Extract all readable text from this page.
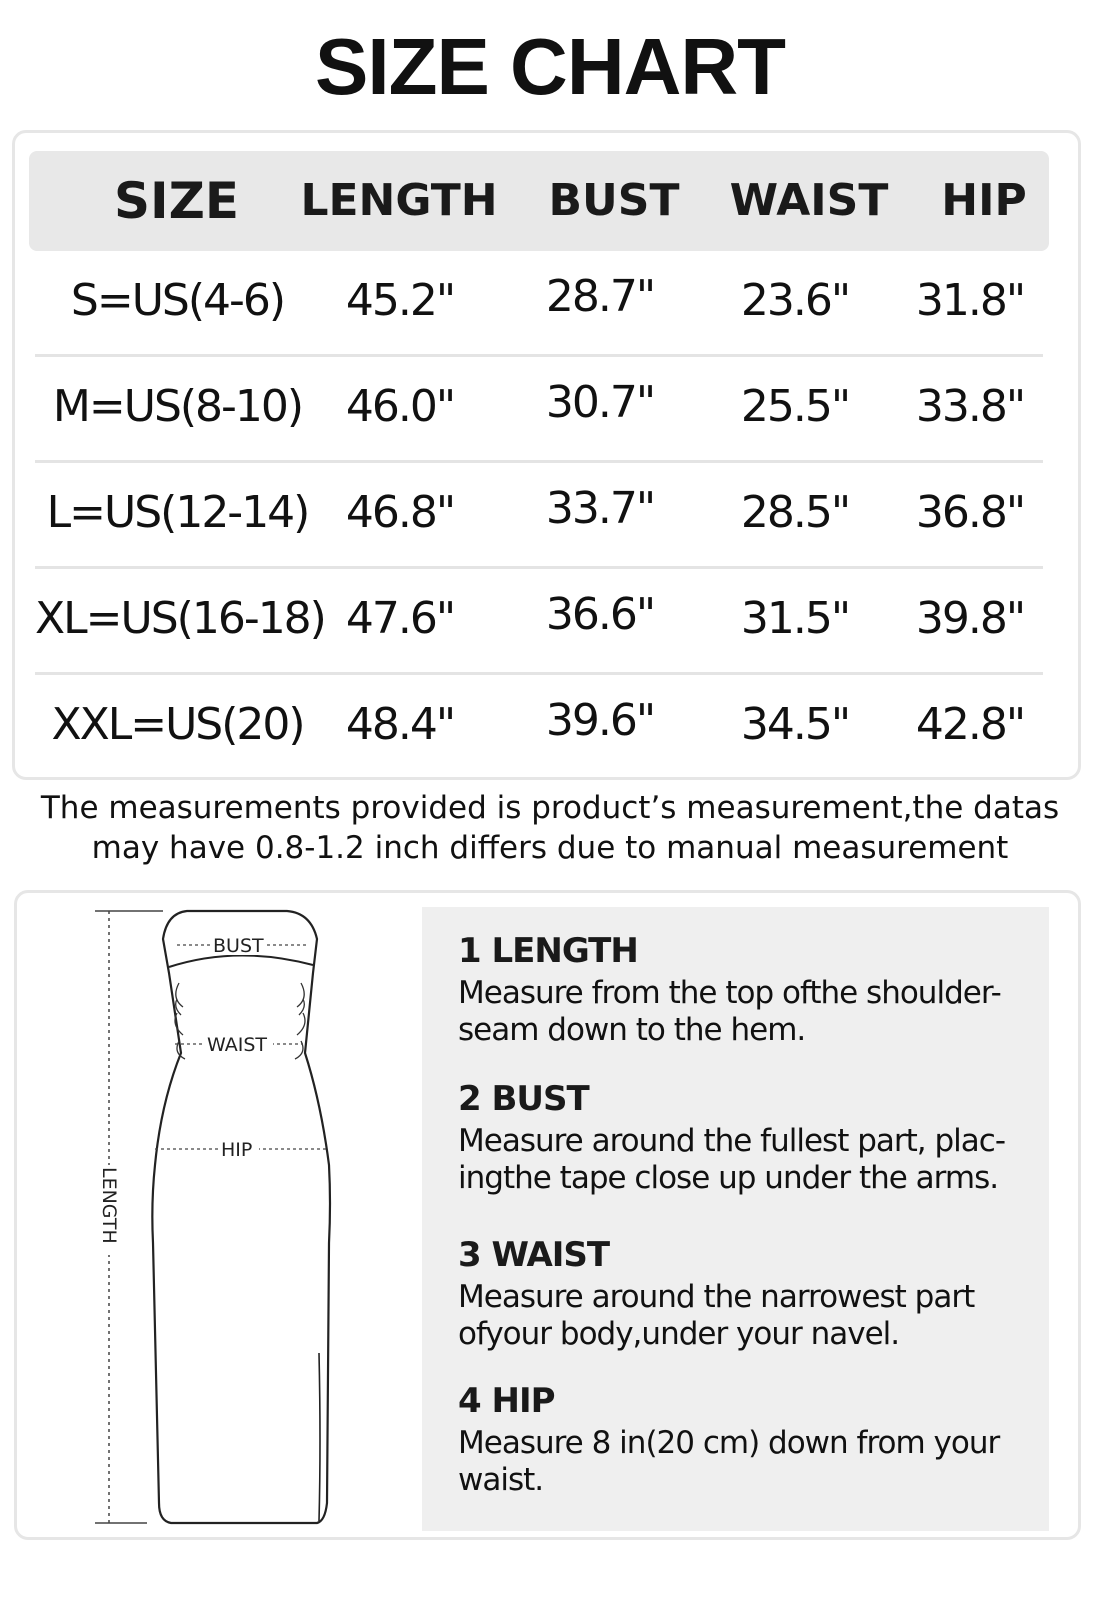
SIZE CHART
SIZE	LENGTH	BUST	WAIST	HIP
S=US(4-6)	45.2"	28.7"	23.6"	31.8"
M=US(8-10) 46.0"	30.7"	25.5"	33.8"
L=US(12-14) 46.8"	33.7"	28.5"	36.8"
XL=US(16-18) 47.6"	36.6"	31.5"	39.8"
XXL=US(20) 48.4"	39.6"	34.5"	42.8"
The measurements provided is product’s measurement,the datas
may have 0.8-1.2 inch differs due to manual measurement
LENGTH
BUST
WAIST
HIP
1 LENGTH
Measure from the top ofthe shoulder-
seam down to the hem.
2 BUST
Measure around the fullest part, plac-
ingthe tape close up under the arms.
3 WAIST
Measure around the narrowest part
ofyour body,under your navel.
4 HIP
Measure 8 in(20 cm) down from your
waist.
